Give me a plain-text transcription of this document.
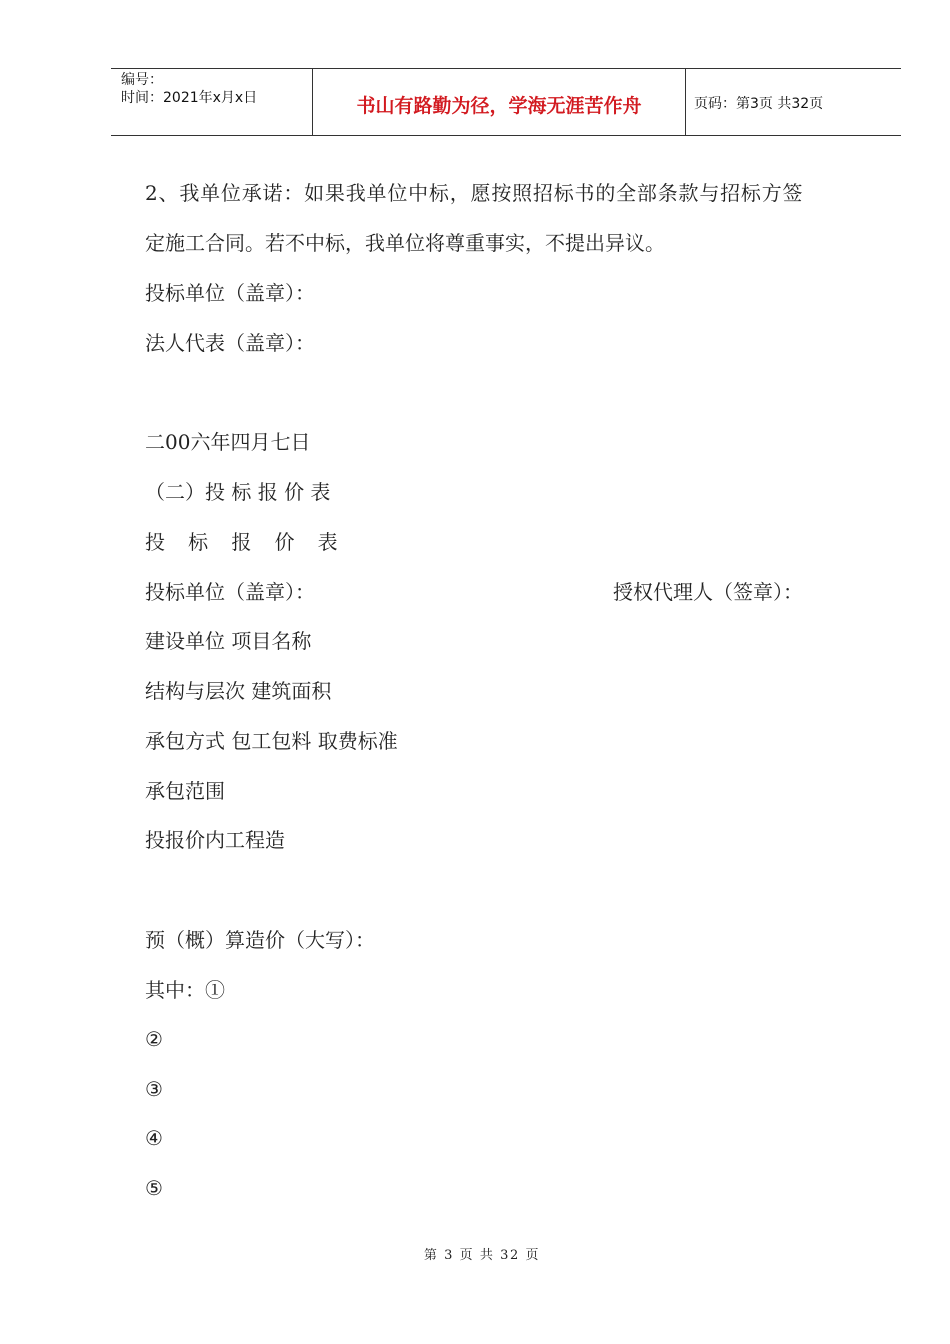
编号：
时间：2021年x月x日	书山有路勤为径，学海无涯苦作舟	页码：第3页 共32页
2、我单位承诺：如果我单位中标，愿按照招标书的全部条款与招标方签
定施工合同。若不中标，我单位将尊重事实，不提出异议。
投标单位（盖章）：
法人代表（盖章）：
二00六年四月七日
（二）投 标 报 价 表
投 标 报 价 表
投标单位（盖章）：	授权代理人（签章）：
建设单位 项目名称
结构与层次 建筑面积
承包方式 包工包料 取费标准
承包范围
投报价内工程造
预（概）算造价（大写）：
其中：①
②
③
④
⑤
第 3 页 共 32 页
